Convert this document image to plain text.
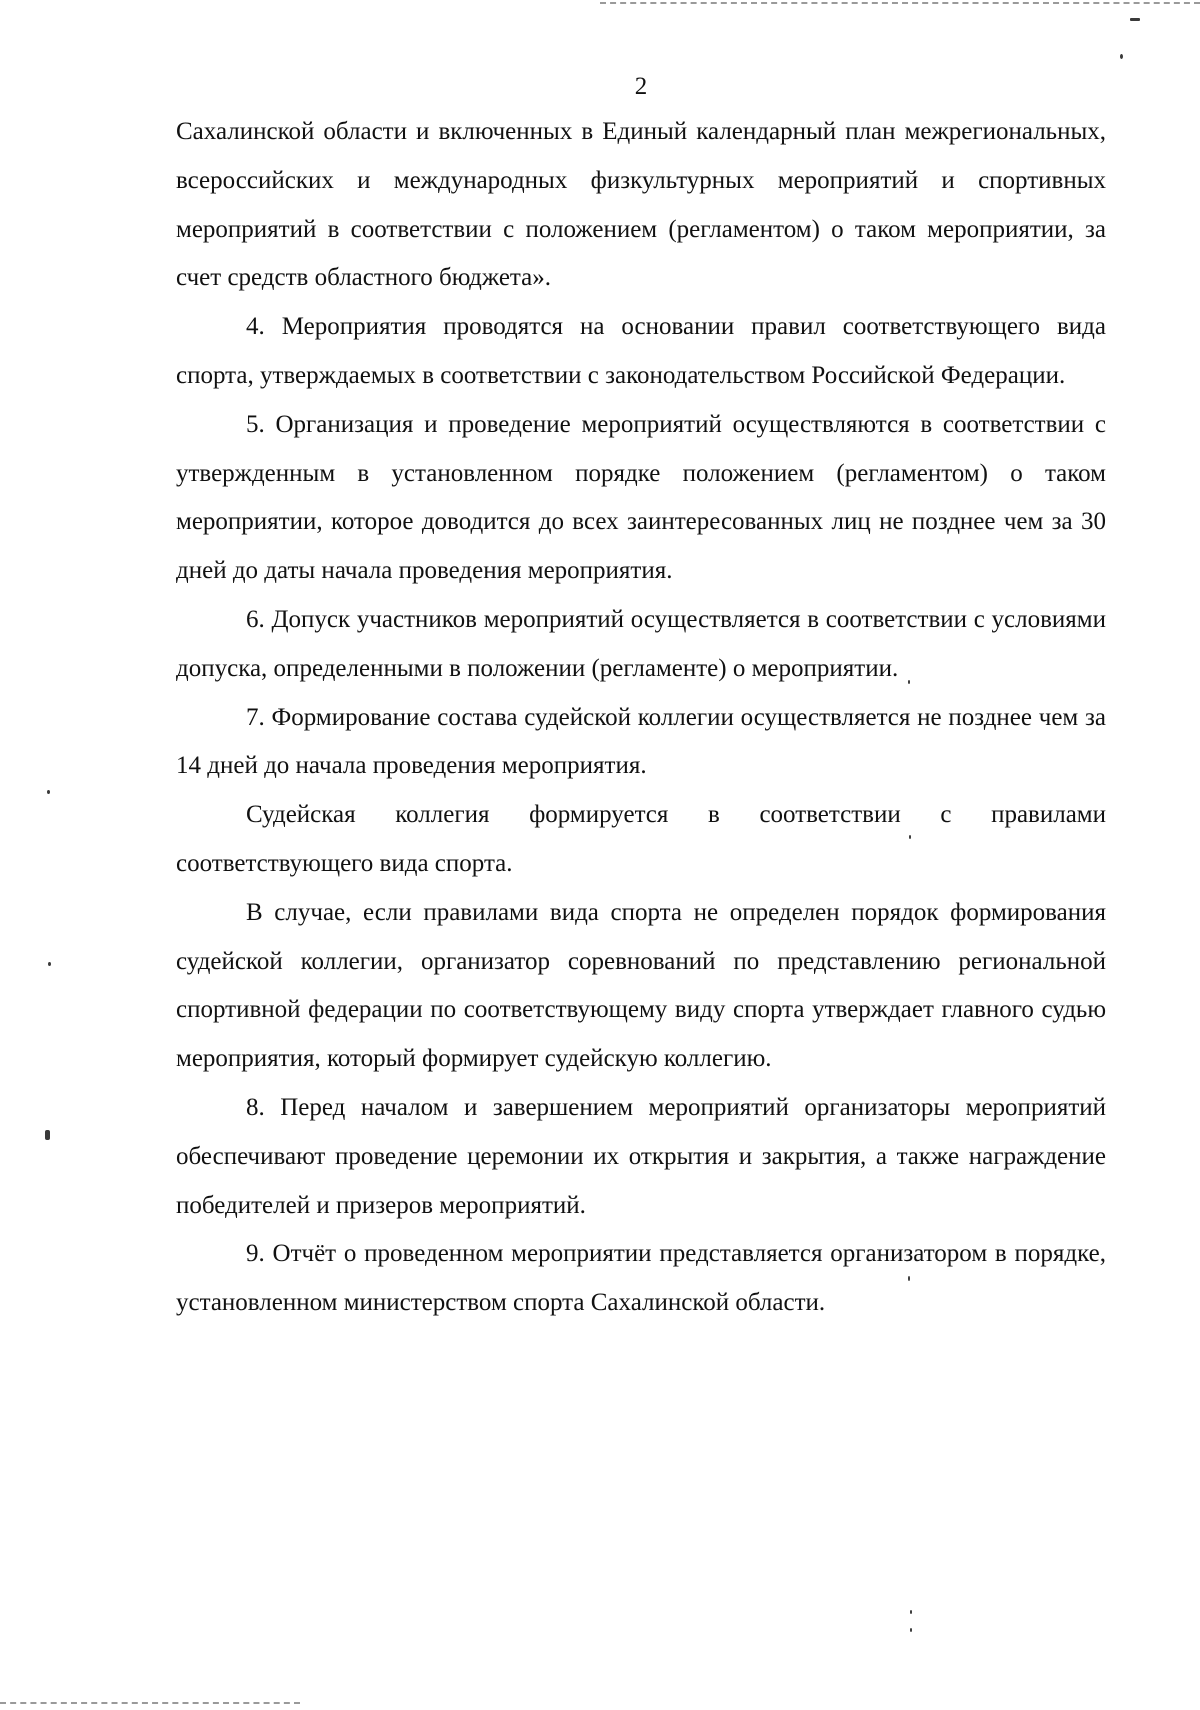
2

Сахалинской области и включенных в Единый календарный план межрегиональных, всероссийских и международных физкультурных мероприятий и спортивных мероприятий в соответствии с положением (регламентом) о таком мероприятии, за счет средств областного бюджета».

4. Мероприятия проводятся на основании правил соответствующего вида спорта, утверждаемых в соответствии с законодательством Российской Федерации.

5. Организация и проведение мероприятий осуществляются в соответствии с утвержденным в установленном порядке положением (регламентом) о таком мероприятии, которое доводится до всех заинтересованных лиц не позднее чем за 30 дней до даты начала проведения мероприятия.

6. Допуск участников мероприятий осуществляется в соответствии с условиями допуска, определенными в положении (регламенте) о мероприятии.

7. Формирование состава судейской коллегии осуществляется не позднее чем за 14 дней до начала проведения мероприятия.

Судейская коллегия формируется в соответствии с правилами соответствующего вида спорта.

В случае, если правилами вида спорта не определен порядок формирования судейской коллегии, организатор соревнований по представлению региональной спортивной федерации по соответствующему виду спорта утверждает главного судью мероприятия, который формирует судейскую коллегию.

8. Перед началом и завершением мероприятий организаторы мероприятий обеспечивают проведение церемонии их открытия и закрытия, а также награждение победителей и призеров мероприятий.

9. Отчёт о проведенном мероприятии представляется организатором в порядке, установленном министерством спорта Сахалинской области.
